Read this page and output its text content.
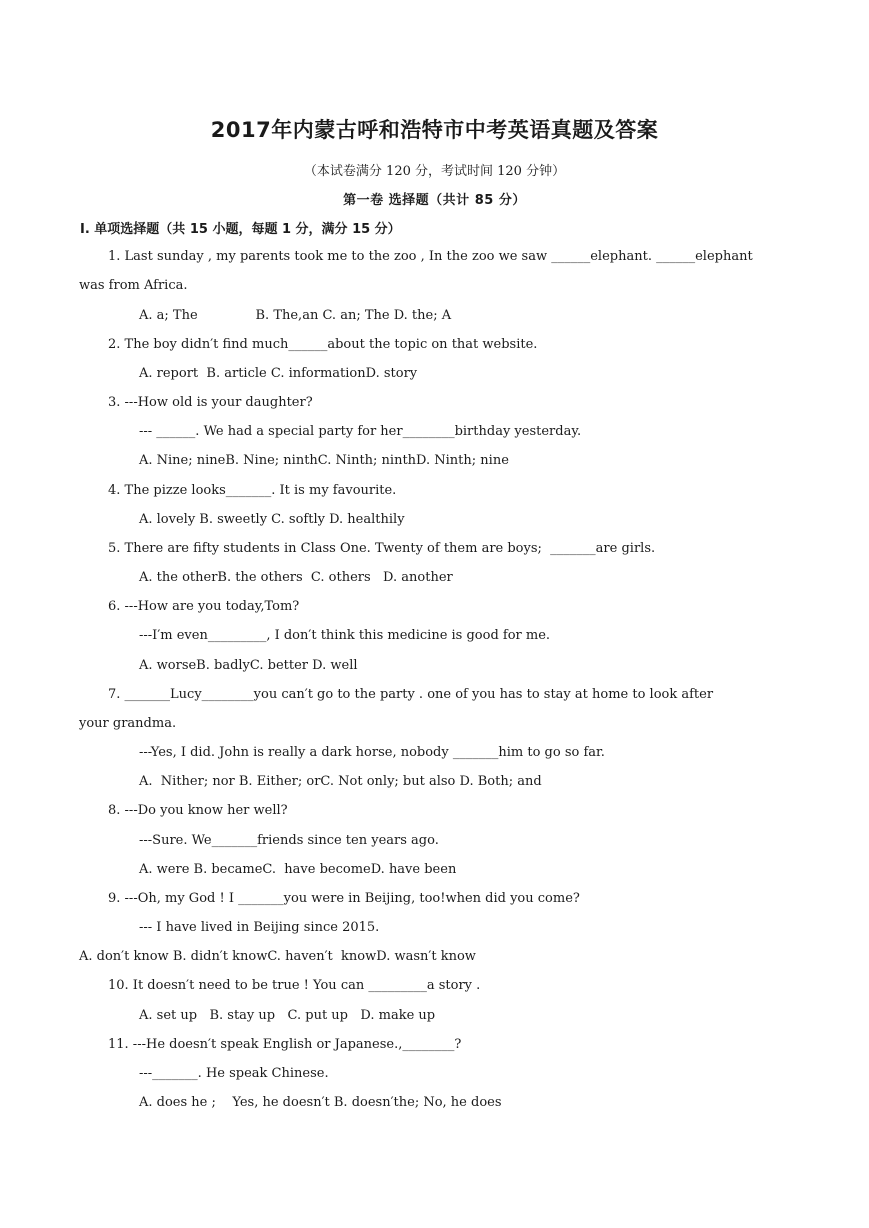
2017年内蒙古呼和浩特市中考英语真题及答案
（本试卷满分 120 分，考试时间 120 分钟）
第一卷 选择题（共计 85 分）
Ⅰ. 单项选择题（共 15 小题，每题 1 分，满分 15 分）
1. Last sunday , my parents took me to the zoo , In the zoo we saw ______elephant. ______elephant
was from Africa.
A. a; The              B. The,an C. an; The D. the; A
2. The boy didn′t find much______about the topic on that website.
A. report  B. article C. informationD. story
3. ---How old is your daughter?
--- ______. We had a special party for her________birthday yesterday.
A. Nine; nineB. Nine; ninthC. Ninth; ninthD. Ninth; nine
4. The pizze looks_______. It is my favourite.
A. lovely B. sweetly C. softly D. healthily
5. There are fifty students in Class One. Twenty of them are boys;  _______are girls.
A. the otherB. the others  C. others   D. another
6. ---How are you today,Tom?
---I′m even_________, I don′t think this medicine is good for me.
A. worseB. badlyC. better D. well
7. _______Lucy________you can′t go to the party . one of you has to stay at home to look after
your grandma.
---Yes, I did. John is really a dark horse, nobody _______him to go so far.
A.  Nither; nor B. Either; orC. Not only; but also D. Both; and
8. ---Do you know her well?
---Sure. We_______friends since ten years ago.
A. were B. becameC.  have becomeD. have been
9. ---Oh, my God ! I _______you were in Beijing, too!when did you come?
--- I have lived in Beijing since 2015.
A. don′t know B. didn′t knowC. haven′t  knowD. wasn′t know
10. It doesn′t need to be true ! You can _________a story .
A. set up   B. stay up   C. put up   D. make up
11. ---He doesn′t speak English or Japanese.,________?
---_______. He speak Chinese.
A. does he ;    Yes, he doesn′t B. doesn′the; No, he does
